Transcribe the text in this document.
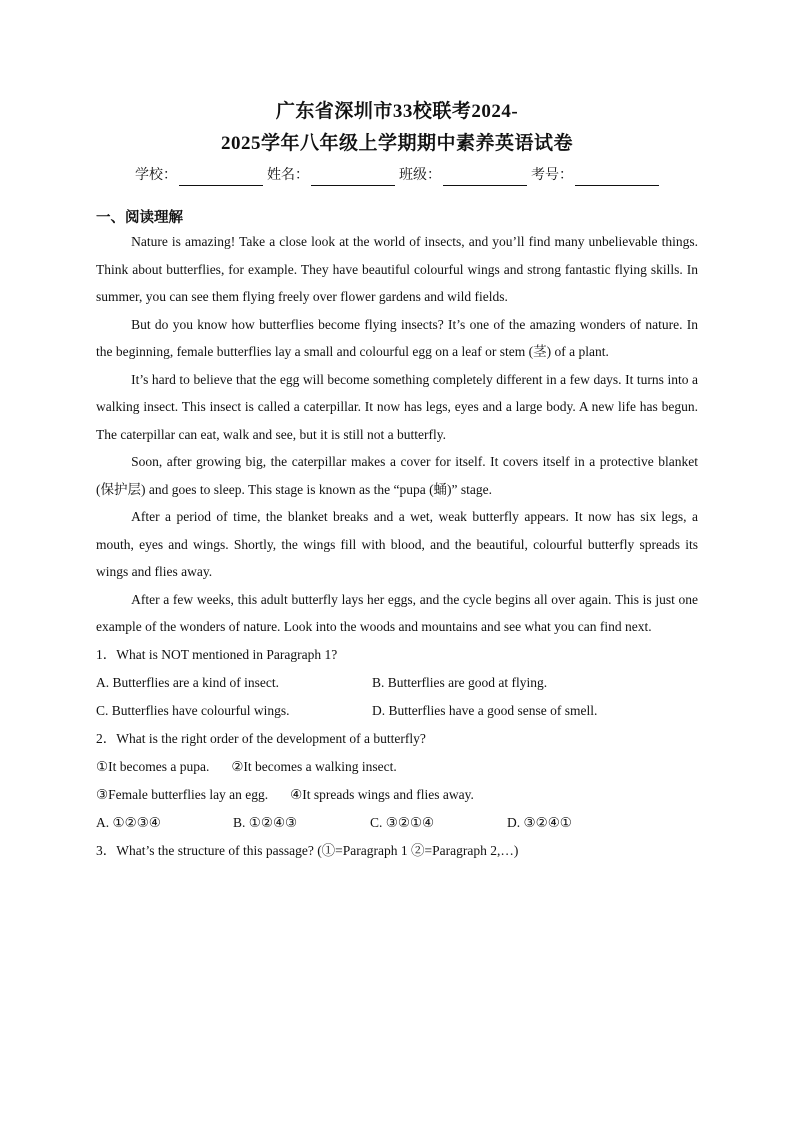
广东省深圳市33校联考2024-
2025学年八年级上学期期中素养英语试卷
学校：	姓名：	班级：	考号：
一、阅读理解

Nature is amazing! Take a close look at the world of insects, and you’ll find many unbelievable things. Think about butterflies, for example. They have beautiful colourful wings and strong fantastic flying skills. In summer, you can see them flying freely over flower gardens and wild fields.

But do you know how butterflies become flying insects? It’s one of the amazing wonders of nature. In the beginning, female butterflies lay a small and colourful egg on a leaf or stem (茎) of a plant.

It’s hard to believe that the egg will become something completely different in a few days. It turns into a walking insect. This insect is called a caterpillar. It now has legs, eyes and a large body. A new life has begun. The caterpillar can eat, walk and see, but it is still not a butterfly.

Soon, after growing big, the caterpillar makes a cover for itself. It covers itself in a protective blanket (保护层) and goes to sleep. This stage is known as the “pupa (蛹)” stage.

After a period of time, the blanket breaks and a wet, weak butterfly appears. It now has six legs, a mouth, eyes and wings. Shortly, the wings fill with blood, and the beautiful, colourful butterfly spreads its wings and flies away.

After a few weeks, this adult butterfly lays her eggs, and the cycle begins all over again. This is just one example of the wonders of nature. Look into the woods and mountains and see what you can find next.

1．What is NOT mentioned in Paragraph 1?

A. Butterflies are a kind of insect.	B. Butterflies are good at flying.
C. Butterflies have colourful wings.	D. Butterflies have a good sense of smell.

2．What is the right order of the development of a butterfly?

①It becomes a pupa. ②It becomes a walking insect.
③Female butterflies lay an egg. ④It spreads wings and flies away.
A. ①②③④	B. ①②④③	C. ③②①④	D. ③②④①

3．What’s the structure of this passage? (①=Paragraph 1 ②=Paragraph 2,…)
